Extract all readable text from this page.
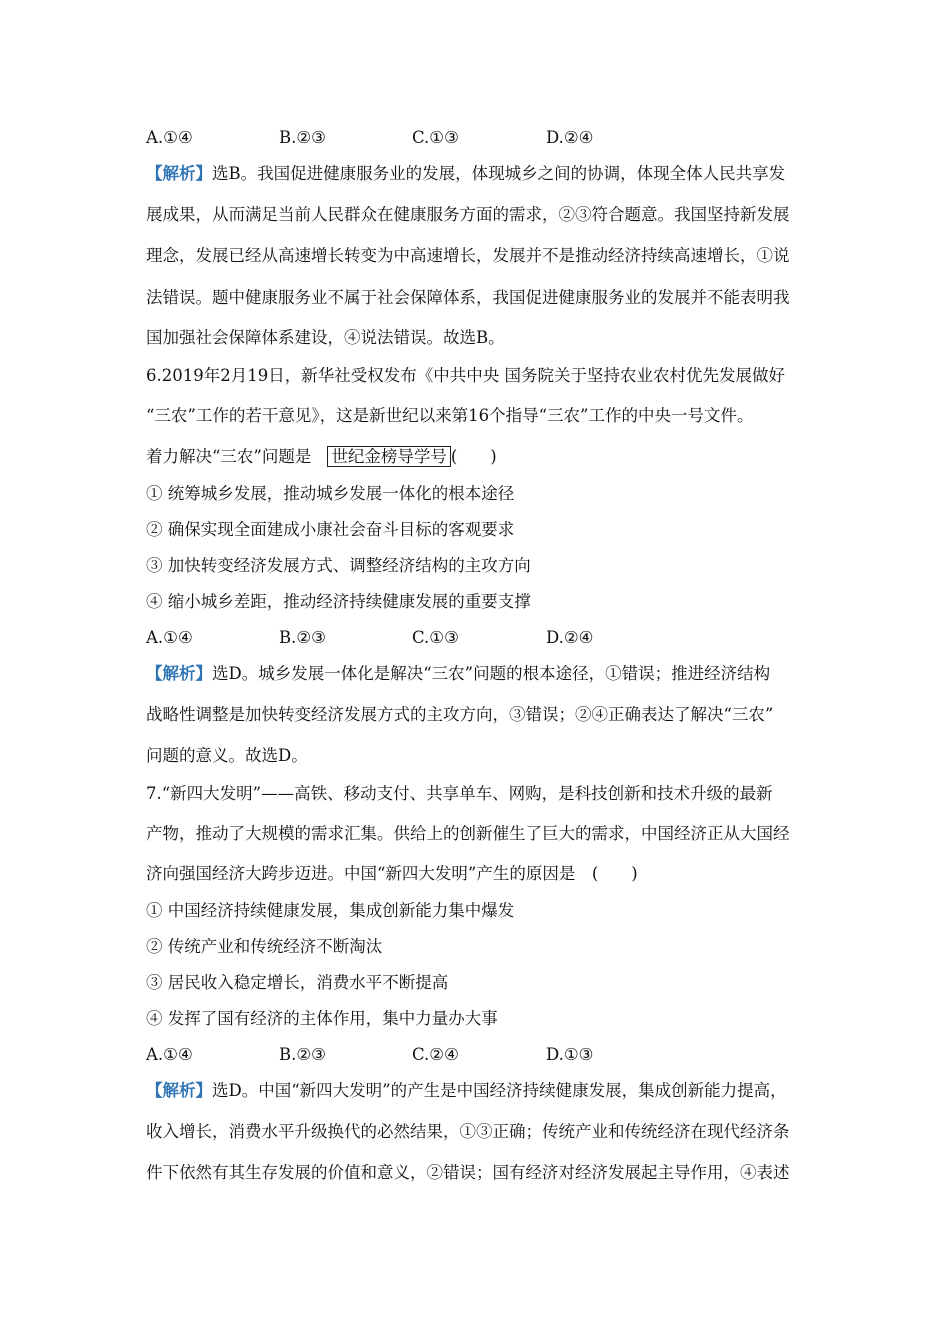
A.①④	B.②③	C.①③	D.②④
【解析】选B。我国促进健康服务业的发展，体现城乡之间的协调，体现全体人民共享发
展成果，从而满足当前人民群众在健康服务方面的需求，②③符合题意。我国坚持新发展
理念，发展已经从高速增长转变为中高速增长，发展并不是推动经济持续高速增长，①说
法错误。题中健康服务业不属于社会保障体系，我国促进健康服务业的发展并不能表明我
国加强社会保障体系建设，④说法错误。故选B。
6.2019年2月19日，新华社受权发布《中共中央 国务院关于坚持农业农村优先发展做好
“三农”工作的若干意见》，这是新世纪以来第16个指导“三农”工作的中央一号文件。
着力解决“三农”问题是 世纪金榜导学号 (　　)
① 统筹城乡发展，推动城乡发展一体化的根本途径
② 确保实现全面建成小康社会奋斗目标的客观要求
③ 加快转变经济发展方式、调整经济结构的主攻方向
④ 缩小城乡差距，推动经济持续健康发展的重要支撑
A.①④	B.②③	C.①③	D.②④
【解析】选D。城乡发展一体化是解决“三农”问题的根本途径，①错误；推进经济结构
战略性调整是加快转变经济发展方式的主攻方向，③错误；②④正确表达了解决“三农”
问题的意义。故选D。
7.“新四大发明”——高铁、移动支付、共享单车、网购，是科技创新和技术升级的最新
产物，推动了大规模的需求汇集。供给上的创新催生了巨大的需求，中国经济正从大国经
济向强国经济大跨步迈进。中国“新四大发明”产生的原因是　(　　)
① 中国经济持续健康发展，集成创新能力集中爆发
② 传统产业和传统经济不断淘汰
③ 居民收入稳定增长，消费水平不断提高
④ 发挥了国有经济的主体作用，集中力量办大事
A.①④	B.②③	C.②④	D.①③
【解析】选D。中国“新四大发明”的产生是中国经济持续健康发展，集成创新能力提高，
收入增长，消费水平升级换代的必然结果，①③正确；传统产业和传统经济在现代经济条
件下依然有其生存发展的价值和意义，②错误；国有经济对经济发展起主导作用，④表述
